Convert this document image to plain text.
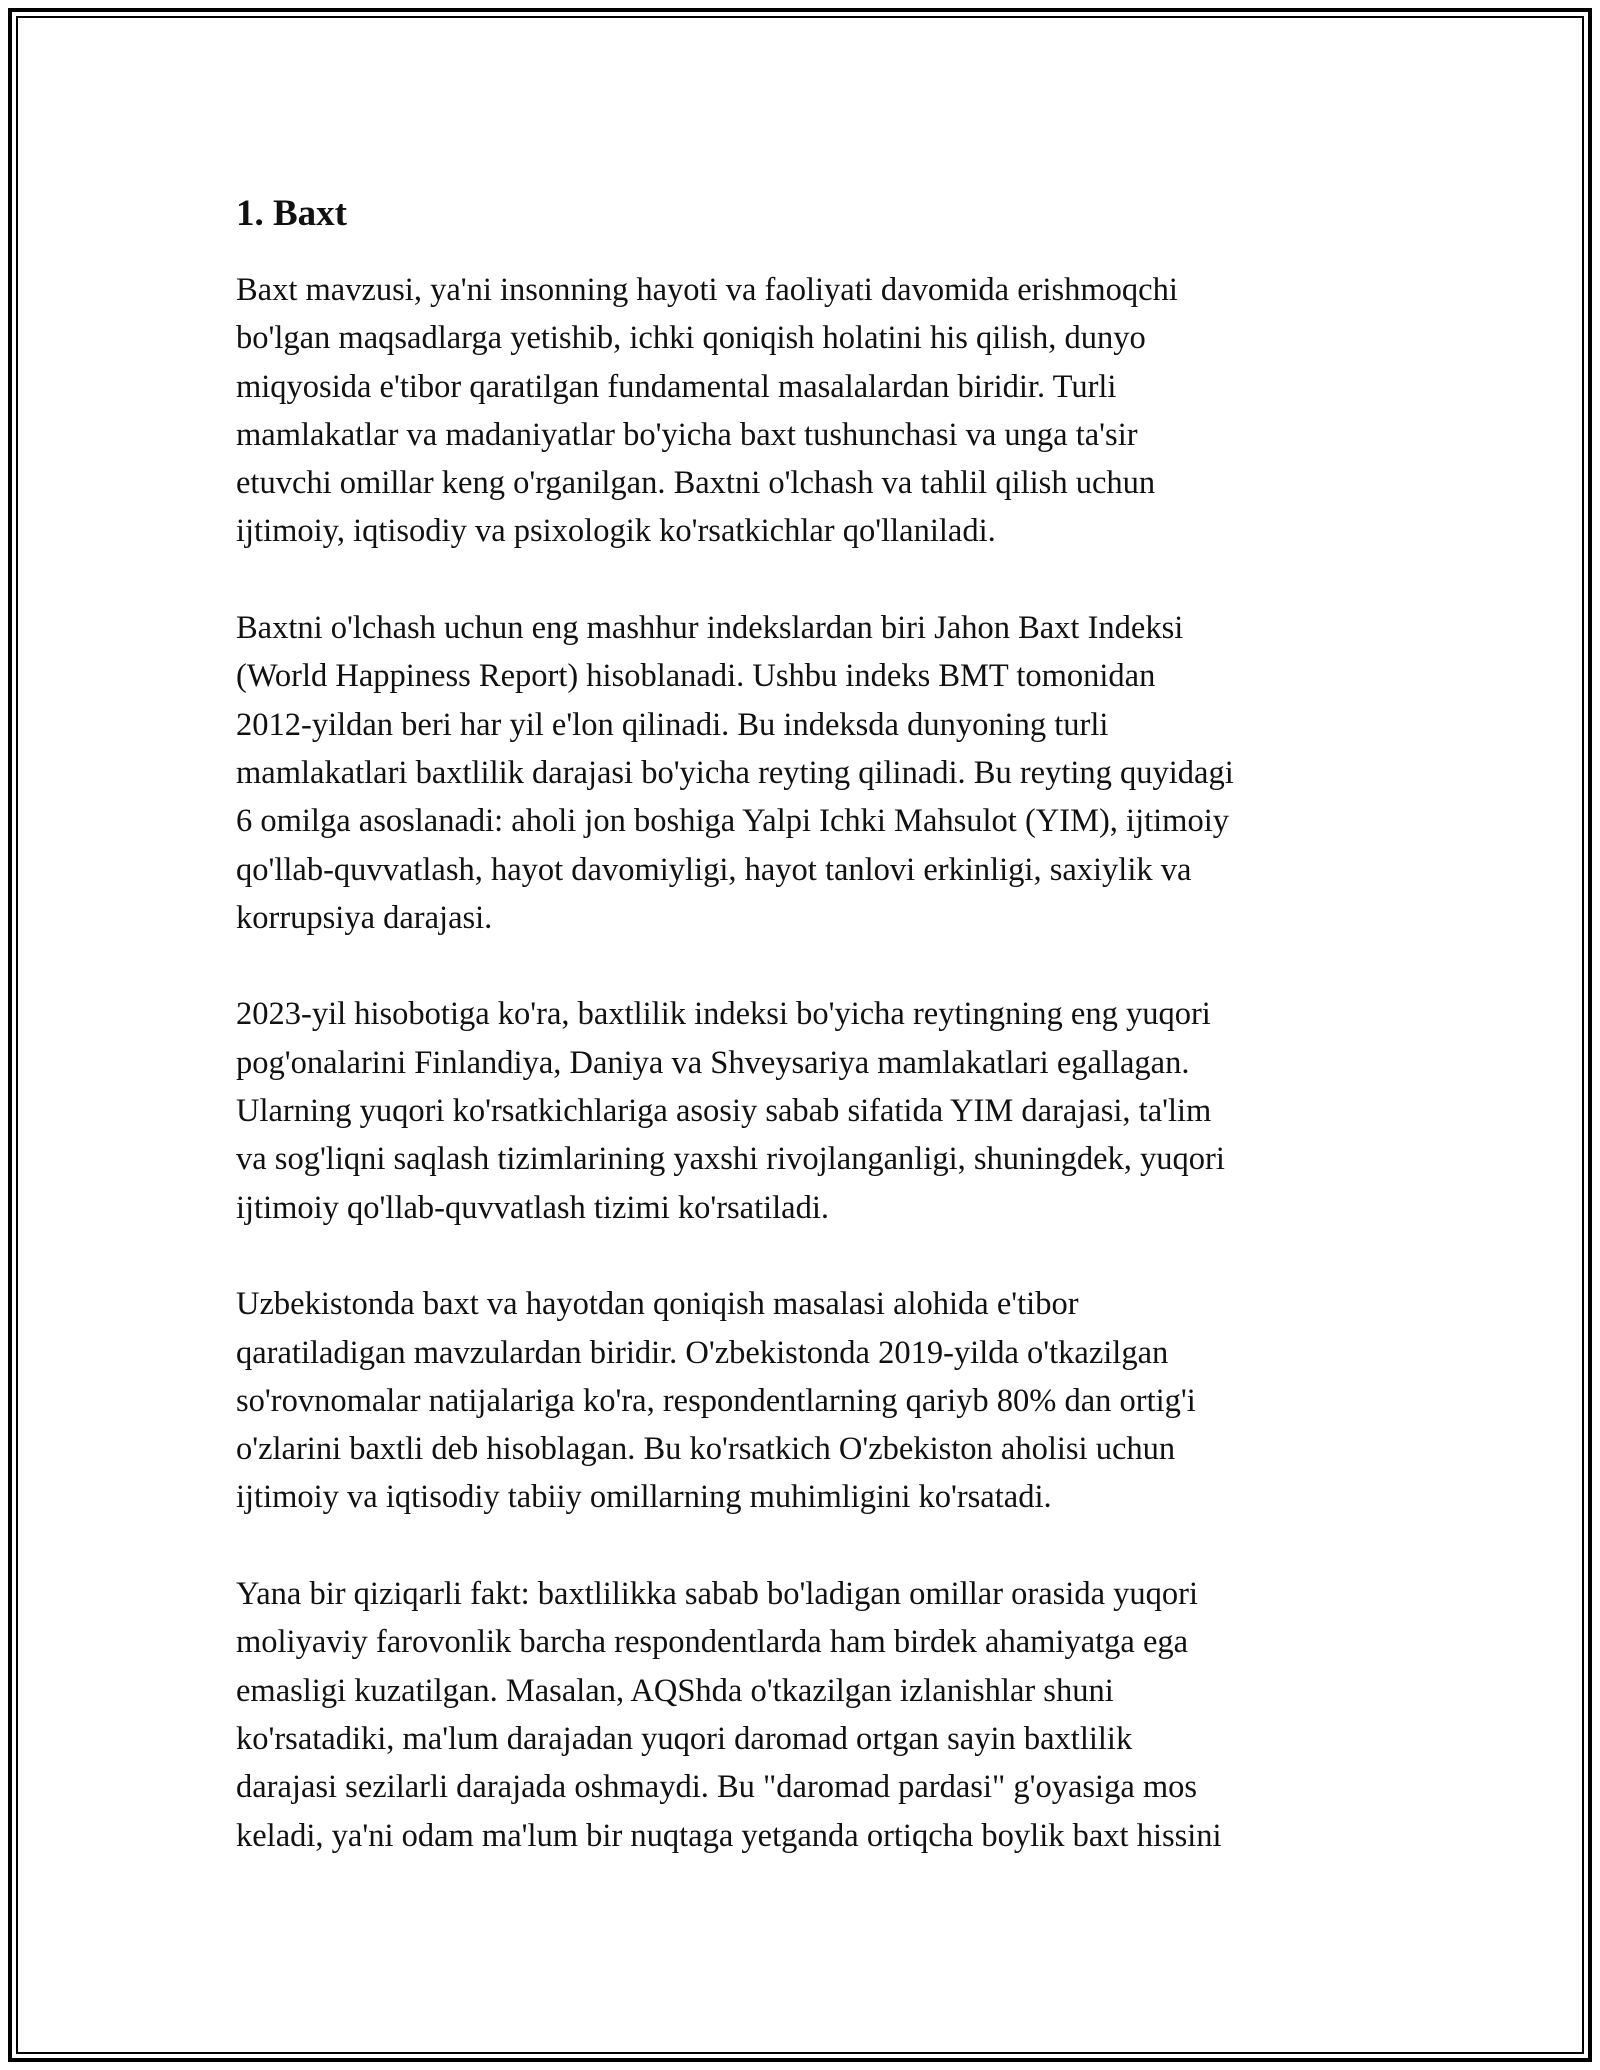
1. Baxt

Baxt mavzusi, ya'ni insonning hayoti va faoliyati davomida erishmoqchi
bo'lgan maqsadlarga yetishib, ichki qoniqish holatini his qilish, dunyo
miqyosida e'tibor qaratilgan fundamental masalalardan biridir. Turli
mamlakatlar va madaniyatlar bo'yicha baxt tushunchasi va unga ta'sir
etuvchi omillar keng o'rganilgan. Baxtni o'lchash va tahlil qilish uchun
ijtimoiy, iqtisodiy va psixologik ko'rsatkichlar qo'llaniladi.

Baxtni o'lchash uchun eng mashhur indekslardan biri Jahon Baxt Indeksi
(World Happiness Report) hisoblanadi. Ushbu indeks BMT tomonidan
2012-yildan beri har yil e'lon qilinadi. Bu indeksda dunyoning turli
mamlakatlari baxtlilik darajasi bo'yicha reyting qilinadi. Bu reyting quyidagi
6 omilga asoslanadi: aholi jon boshiga Yalpi Ichki Mahsulot (YIM), ijtimoiy
qo'llab-quvvatlash, hayot davomiyligi, hayot tanlovi erkinligi, saxiylik va
korrupsiya darajasi.

2023-yil hisobotiga ko'ra, baxtlilik indeksi bo'yicha reytingning eng yuqori
pog'onalarini Finlandiya, Daniya va Shveysariya mamlakatlari egallagan.
Ularning yuqori ko'rsatkichlariga asosiy sabab sifatida YIM darajasi, ta'lim
va sog'liqni saqlash tizimlarining yaxshi rivojlanganligi, shuningdek, yuqori
ijtimoiy qo'llab-quvvatlash tizimi ko'rsatiladi.

Uzbekistonda baxt va hayotdan qoniqish masalasi alohida e'tibor
qaratiladigan mavzulardan biridir. O'zbekistonda 2019-yilda o'tkazilgan
so'rovnomalar natijalariga ko'ra, respondentlarning qariyb 80% dan ortig'i
o'zlarini baxtli deb hisoblagan. Bu ko'rsatkich O'zbekiston aholisi uchun
ijtimoiy va iqtisodiy tabiiy omillarning muhimligini ko'rsatadi.

Yana bir qiziqarli fakt: baxtlilikka sabab bo'ladigan omillar orasida yuqori
moliyaviy farovonlik barcha respondentlarda ham birdek ahamiyatga ega
emasligi kuzatilgan. Masalan, AQShda o'tkazilgan izlanishlar shuni
ko'rsatadiki, ma'lum darajadan yuqori daromad ortgan sayin baxtlilik
darajasi sezilarli darajada oshmaydi. Bu "daromad pardasi" g'oyasiga mos
keladi, ya'ni odam ma'lum bir nuqtaga yetganda ortiqcha boylik baxt hissini
